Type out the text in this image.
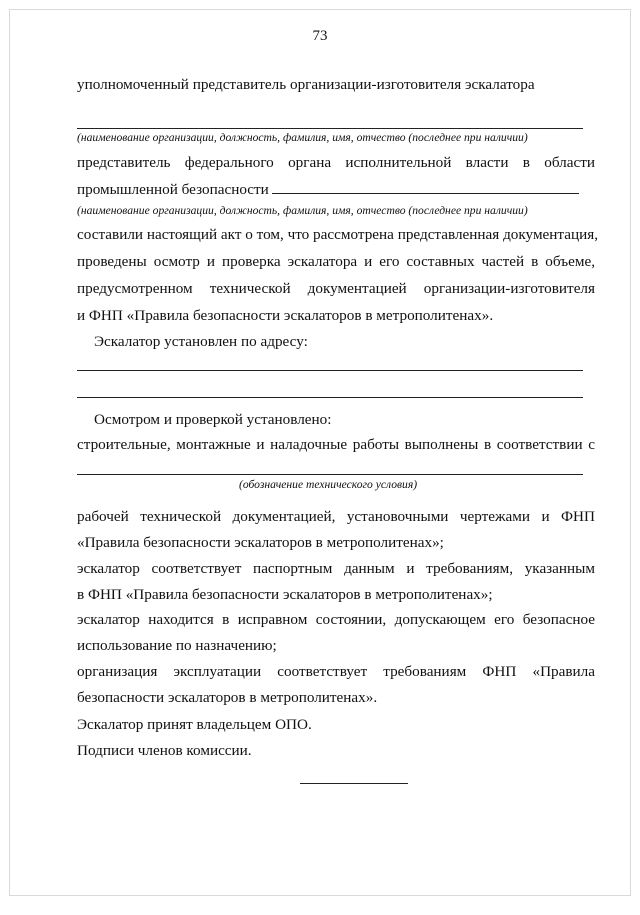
73
уполномоченный представитель организации-изготовителя эскалатора
(наименование организации, должность, фамилия, имя, отчество (последнее при наличии)
представитель федерального органа исполнительной власти в области
промышленной безопасности
(наименование организации, должность, фамилия, имя, отчество (последнее при наличии)
составили настоящий акт о том, что рассмотрена представленная документация,
проведены осмотр и проверка эскалатора и его составных частей в объеме,
предусмотренном технической документацией организации-изготовителя
и ФНП «Правила безопасности эскалаторов в метрополитенах».
Эскалатор установлен по адресу:
Осмотром и проверкой установлено:
строительные, монтажные и наладочные работы выполнены в соответствии с
(обозначение технического условия)
рабочей технической документацией, установочными чертежами и ФНП
«Правила безопасности эскалаторов в метрополитенах»;
эскалатор соответствует паспортным данным и требованиям, указанным
в ФНП «Правила безопасности эскалаторов в метрополитенах»;
эскалатор находится в исправном состоянии, допускающем его безопасное
использование по назначению;
организация эксплуатации соответствует требованиям ФНП «Правила
безопасности эскалаторов в метрополитенах».
Эскалатор принят владельцем ОПО.
Подписи членов комиссии.
